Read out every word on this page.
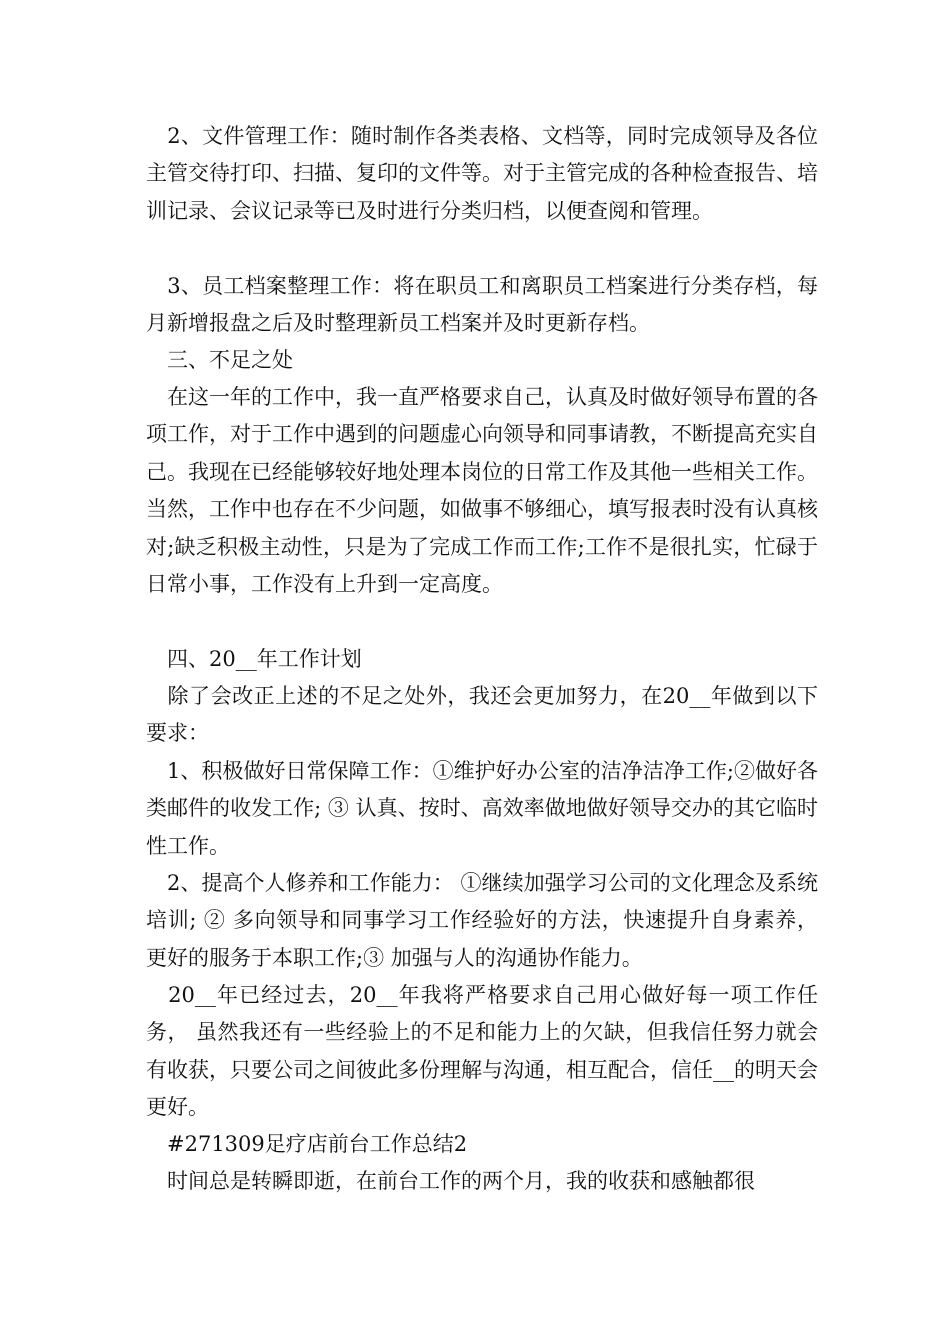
　2、文件管理工作：随时制作各类表格、文档等，同时完成领导及各位主管交待打印、扫描、复印的文件等。对于主管完成的各种检查报告、培训记录、会议记录等已及时进行分类归档，以便查阅和管理。

　3、员工档案整理工作：将在职员工和离职员工档案进行分类存档，每月新增报盘之后及时整理新员工档案并及时更新存档。

　三、不足之处

　在这一年的工作中，我一直严格要求自己，认真及时做好领导布置的各项工作，对于工作中遇到的问题虚心向领导和同事请教，不断提高充实自己。我现在已经能够较好地处理本岗位的日常工作及其他一些相关工作。当然，工作中也存在不少问题，如做事不够细心，填写报表时没有认真核对;缺乏积极主动性，只是为了完成工作而工作;工作不是很扎实，忙碌于日常小事，工作没有上升到一定高度。

　四、20__年工作计划

　除了会改正上述的不足之处外，我还会更加努力，在20__年做到以下要求：

　1、积极做好日常保障工作：①维护好办公室的洁净洁净工作;②做好各类邮件的收发工作; ③ 认真、按时、高效率做地做好领导交办的其它临时性工作。

　2、提高个人修养和工作能力： ①继续加强学习公司的文化理念及系统培训; ② 多向领导和同事学习工作经验好的方法，快速提升自身素养， 更好的服务于本职工作;③ 加强与人的沟通协作能力。

　20__年已经过去，20__年我将严格要求自己用心做好每一项工作任务， 虽然我还有一些经验上的不足和能力上的欠缺，但我信任努力就会有收获，只要公司之间彼此多份理解与沟通，相互配合，信任__的明天会更好。

　#271309足疗店前台工作总结2

　时间总是转瞬即逝，在前台工作的两个月，我的收获和感触都很
